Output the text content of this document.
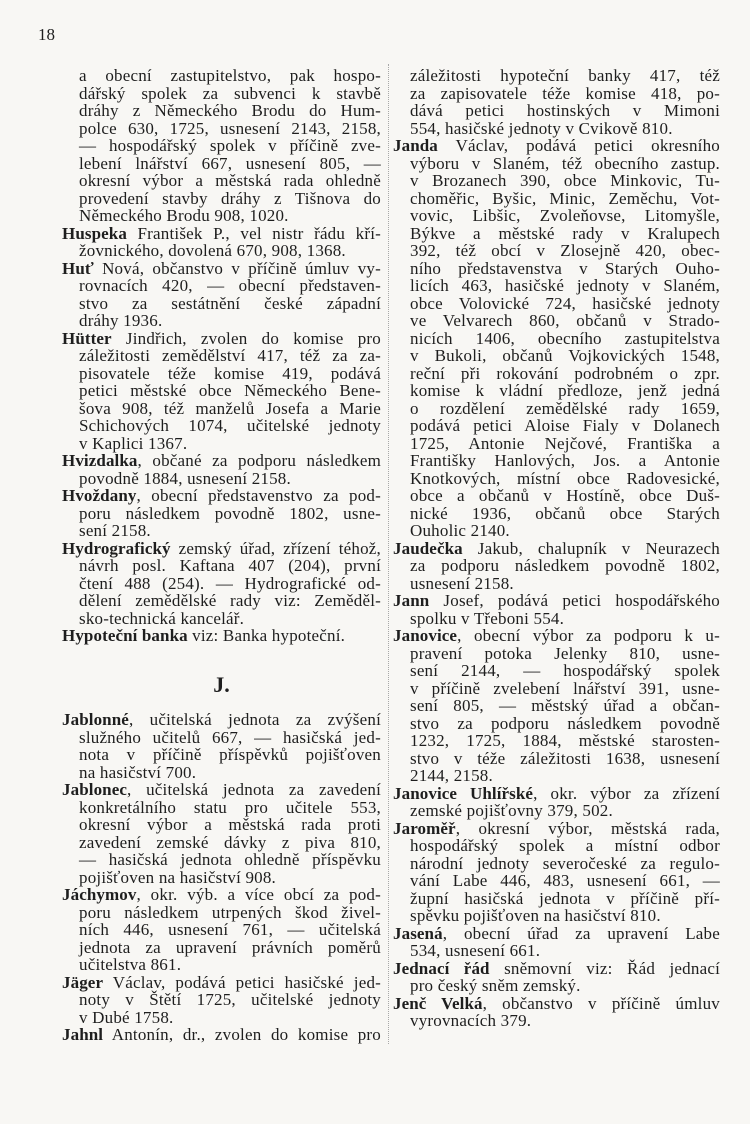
18
a obecní zastupitelstvo, pak hospo-
dářský spolek za subvenci k stavbě
dráhy z Německého Brodu do Hum-
polce 630, 1725, usnesení 2143, 2158,
— hospodářský spolek v příčině zve-
lebení lnářství 667, usnesení 805, —
okresní výbor a městská rada ohledně
provedení stavby dráhy z Tišnova do
Německého Brodu 908, 1020.
Huspeka František P., vel nistr řádu kří-
žovnického, dovolená 670, 908, 1368.
Huť Nová, občanstvo v příčině úmluv vy-
rovnacích 420, — obecní představen-
stvo za sestátnění české západní
dráhy 1936.
Hütter Jindřich, zvolen do komise pro
záležitosti zemědělství 417, též za za-
pisovatele téže komise 419, podává
petici městské obce Německého Bene-
šova 908, též manželů Josefa a Marie
Schichových 1074, učitelské jednoty
v Kaplici 1367.
Hvizdalka, občané za podporu následkem
povodně 1884, usnesení 2158.
Hvoždany, obecní představenstvo za pod-
poru následkem povodně 1802, usne-
sení 2158.
Hydrografický zemský úřad, zřízení téhož,
návrh posl. Kaftana 407 (204), první
čtení 488 (254). — Hydrografické od-
dělení zemědělské rady viz: Zeměděl-
sko-technická kancelář.
Hypoteční banka viz: Banka hypoteční.
J.
Jablonné, učitelská jednota za zvýšení
služného učitelů 667, — hasičská jed-
nota v příčině příspěvků pojišťoven
na hasičství 700.
Jablonec, učitelská jednota za zavedení
konkretálního statu pro učitele 553,
okresní výbor a městská rada proti
zavedení zemské dávky z piva 810,
— hasičská jednota ohledně příspěvku
pojišťoven na hasičství 908.
Jáchymov, okr. výb. a více obcí za pod-
poru následkem utrpených škod živel-
ních 446, usnesení 761, — učitelská
jednota za upravení právních poměrů
učitelstva 861.
Jäger Václav, podává petici hasičské jed-
noty v Štětí 1725, učitelské jednoty
v Dubé 1758.
Jahnl Antonín, dr., zvolen do komise pro
záležitosti hypoteční banky 417, též
za zapisovatele téže komise 418, po-
dává petici hostinských v Mimoni
554, hasičské jednoty v Cvikově 810.
Janda Václav, podává petici okresního
výboru v Slaném, též obecního zastup.
v Brozanech 390, obce Minkovic, Tu-
choměřic, Byšic, Minic, Zeměchu, Vot-
vovic, Libšic, Zvoleňovse, Litomyšle,
Býkve a městské rady v Kralupech
392, též obcí v Zlosejně 420, obec-
ního představenstva v Starých Ouho-
licích 463, hasičské jednoty v Slaném,
obce Volovické 724, hasičské jednoty
ve Velvarech 860, občanů v Strado-
nicích 1406, obecního zastupitelstva
v Bukoli, občanů Vojkovických 1548,
reční při rokování podrobném o zpr.
komise k vládní předloze, jenž jedná
o rozdělení zemědělské rady 1659,
podává petici Aloise Fialy v Dolanech
1725, Antonie Nejčové, Františka a
Františky Hanlových, Jos. a Antonie
Knotkových, místní obce Radovesické,
obce a občanů v Hostíně, obce Duš-
nické 1936, občanů obce Starých
Ouholic 2140.
Jaudečka Jakub, chalupník v Neurazech
za podporu následkem povodně 1802,
usnesení 2158.
Jann Josef, podává petici hospodářského
spolku v Třeboni 554.
Janovice, obecní výbor za podporu k u-
pravení potoka Jelenky 810, usne-
sení 2144, — hospodářský spolek
v příčině zvelebení lnářství 391, usne-
sení 805, — městský úřad a občan-
stvo za podporu následkem povodně
1232, 1725, 1884, městské starosten-
stvo v téže záležitosti 1638, usnesení
2144, 2158.
Janovice Uhlířské, okr. výbor za zřízení
zemské pojišťovny 379, 502.
Jaroměř, okresní výbor, městská rada,
hospodářský spolek a místní odbor
národní jednoty severočeské za regulo-
vání Labe 446, 483, usnesení 661, —
župní hasičská jednota v příčině pří-
spěvku pojišťoven na hasičství 810.
Jasená, obecní úřad za upravení Labe
534, usnesení 661.
Jednací řád sněmovní viz: Řád jednací
pro český sněm zemský.
Jenč Velká, občanstvo v příčině úmluv
vyrovnacích 379.
